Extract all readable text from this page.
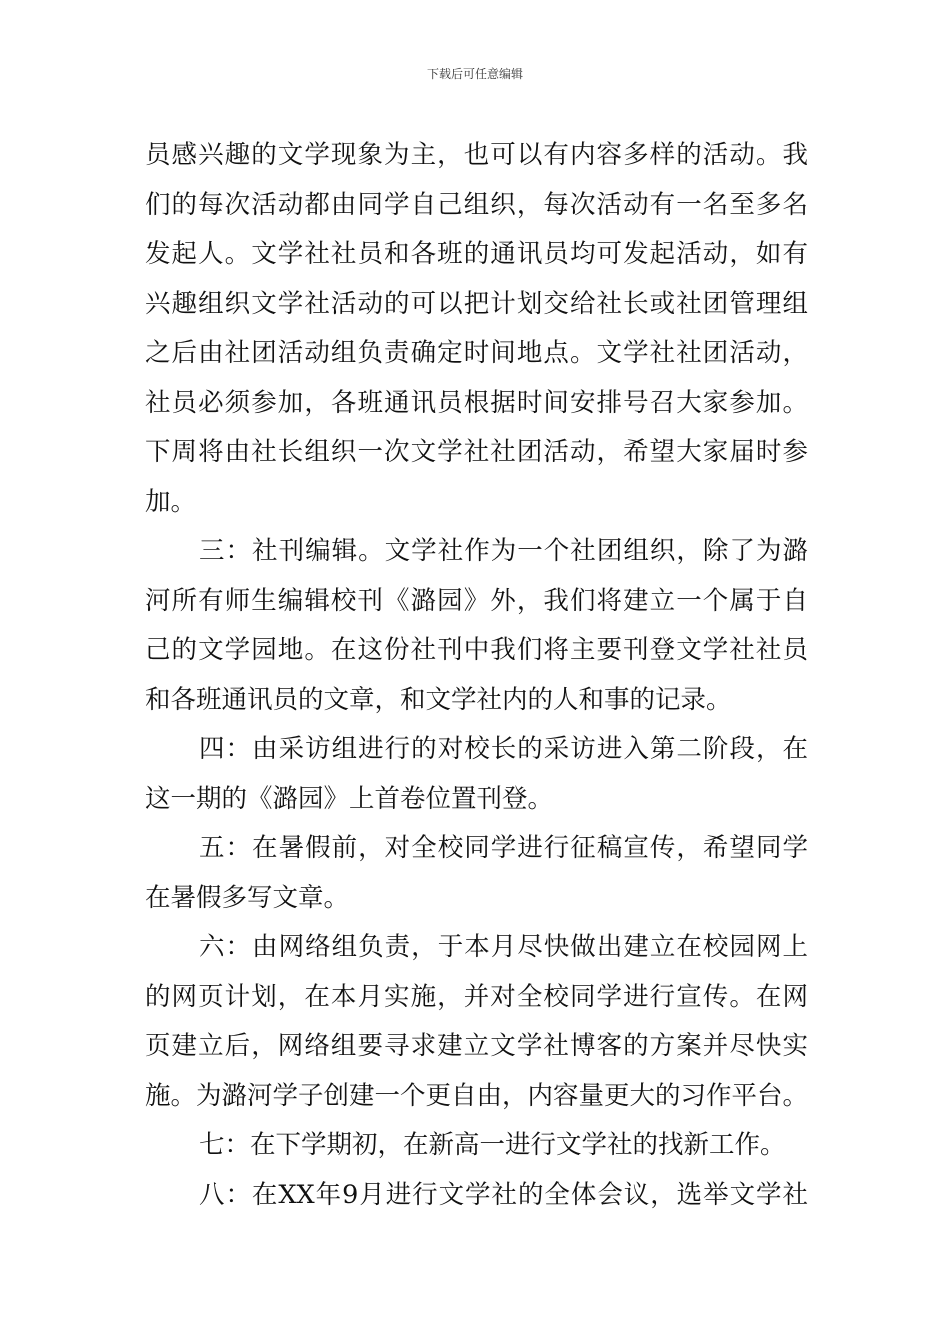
下载后可任意编辑
员感兴趣的文学现象为主，也可以有内容多样的活动。我
们的每次活动都由同学自己组织，每次活动有一名至多名
发起人。文学社社员和各班的通讯员均可发起活动，如有
兴趣组织文学社活动的可以把计划交给社长或社团管理组
之后由社团活动组负责确定时间地点。文学社社团活动，
社员必须参加，各班通讯员根据时间安排号召大家参加。
下周将由社长组织一次文学社社团活动，希望大家届时参
加。
三：社刊编辑。文学社作为一个社团组织，除了为潞
河所有师生编辑校刊《潞园》外，我们将建立一个属于自
己的文学园地。在这份社刊中我们将主要刊登文学社社员
和各班通讯员的文章，和文学社内的人和事的记录。
四：由采访组进行的对校长的采访进入第二阶段，在
这一期的《潞园》上首卷位置刊登。
五：在暑假前，对全校同学进行征稿宣传，希望同学
在暑假多写文章。
六：由网络组负责，于本月尽快做出建立在校园网上
的网页计划，在本月实施，并对全校同学进行宣传。在网
页建立后，网络组要寻求建立文学社博客的方案并尽快实
施。为潞河学子创建一个更自由，内容量更大的习作平台。
七：在下学期初，在新高一进行文学社的找新工作。
八：在XX年9月进行文学社的全体会议，选举文学社
